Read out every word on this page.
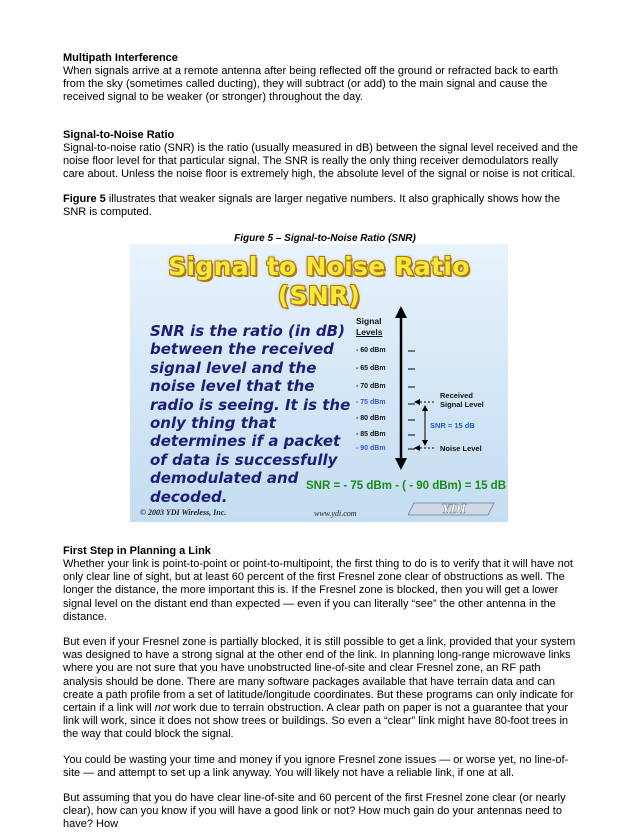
Multipath Interference

When signals arrive at a remote antenna after being reflected off the ground or refracted back to earth from the sky (sometimes called ducting), they will subtract (or add) to the main signal and cause the received signal to be weaker (or stronger) throughout the day.

Signal-to-Noise Ratio

Signal-to-noise ratio (SNR) is the ratio (usually measured in dB) between the signal level received and the noise floor level for that particular signal. The SNR is really the only thing receiver demodulators really care about. Unless the noise floor is extremely high, the absolute level of the signal or noise is not critical.

Figure 5 illustrates that weaker signals are larger negative numbers. It also graphically shows how the SNR is computed.

Figure 5 – Signal-to-Noise Ratio (SNR)

Signal to Noise Ratio (SNR)
SNR is the ratio (in dB) between the received signal level and the noise level that the radio is seeing. It is the only thing that determines if a packet of data is successfully demodulated and decoded.
Signal
Levels
- 60 dBm
- 65 dBm
- 70 dBm
- 75 dBm
- 80 dBm
- 85 dBm
- 90 dBm
Received
Signal Level
SNR = 15 dB
Noise Level
SNR = - 75 dBm - ( - 90 dBm) = 15 dB
© 2003 YDI Wireless, Inc.	www.ydi.com	YDI

First Step in Planning a Link

Whether your link is point-to-point or point-to-multipoint, the first thing to do is to verify that it will have not only clear line of sight, but at least 60 percent of the first Fresnel zone clear of obstructions as well. The longer the distance, the more important this is. If the Fresnel zone is blocked, then you will get a lower signal level on the distant end than expected — even if you can literally “see” the other antenna in the distance.

But even if your Fresnel zone is partially blocked, it is still possible to get a link, provided that your system was designed to have a strong signal at the other end of the link. In planning long-range microwave links where you are not sure that you have unobstructed line-of-site and clear Fresnel zone, an RF path analysis should be done. There are many software packages available that have terrain data and can create a path profile from a set of latitude/longitude coordinates. But these programs can only indicate for certain if a link will not work due to terrain obstruction. A clear path on paper is not a guarantee that your link will work, since it does not show trees or buildings. So even a “clear” link might have 80-foot trees in the way that could block the signal.

You could be wasting your time and money if you ignore Fresnel zone issues — or worse yet, no line-of-site — and attempt to set up a link anyway. You will likely not have a reliable link, if one at all.

But assuming that you do have clear line-of-site and 60 percent of the first Fresnel zone clear (or nearly clear), how can you know if you will have a good link or not? How much gain do your antennas need to have? How
